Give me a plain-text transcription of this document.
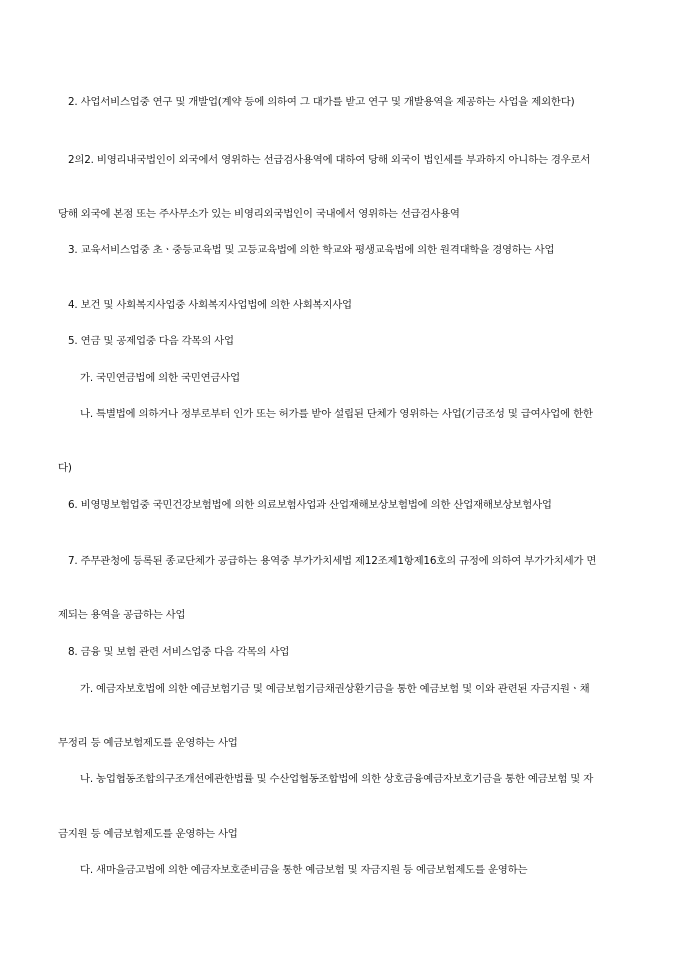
2. 사업서비스업중 연구 및 개발업(계약 등에 의하여 그 대가를 받고 연구 및 개발용역을 제공하는 사업을 제외한다)
2의2. 비영리내국법인이 외국에서 영위하는 선급검사용역에 대하여 당해 외국이 법인세를 부과하지 아니하는 경우로서
당해 외국에 본점 또는 주사무소가 있는 비영리외국법인이 국내에서 영위하는 선급검사용역
3. 교육서비스업중 초ㆍ중등교육법 및 고등교육법에 의한 학교와 평생교육법에 의한 원격대학을 경영하는 사업
4. 보건 및 사회복지사업중 사회복지사업법에 의한 사회복지사업
5. 연금 및 공제업중 다음 각목의 사업
가. 국민연금법에 의한 국민연금사업
나. 특별법에 의하거나 정부로부터 인가 또는 허가를 받아 설립된 단체가 영위하는 사업(기금조성 및 급여사업에 한한
다)
6. 비영명보험업중 국민건강보험법에 의한 의료보험사업과 산업재해보상보험법에 의한 산업재해보상보험사업
7. 주무관청에 등록된 종교단체가 공급하는 용역중 부가가치세법 제12조제1항제16호의 규정에 의하여 부가가치세가 면
제되는 용역을 공급하는 사업
8. 금융 및 보험 관련 서비스업중 다음 각목의 사업
가. 예금자보호법에 의한 예금보험기금 및 예금보험기금채권상환기금을 통한 예금보험 및 이와 관련된 자금지원ㆍ채
무정리 등 예금보험제도를 운영하는 사업
나. 농업협동조합의구조개선에관한법률 및 수산업협동조합법에 의한 상호금융예금자보호기금을 통한 예금보험 및 자
금지원 등 예금보험제도를 운영하는 사업
다. 새마을금고법에 의한 예금자보호준비금을 통한 예금보험 및 자금지원 등 예금보험제도를 운영하는
